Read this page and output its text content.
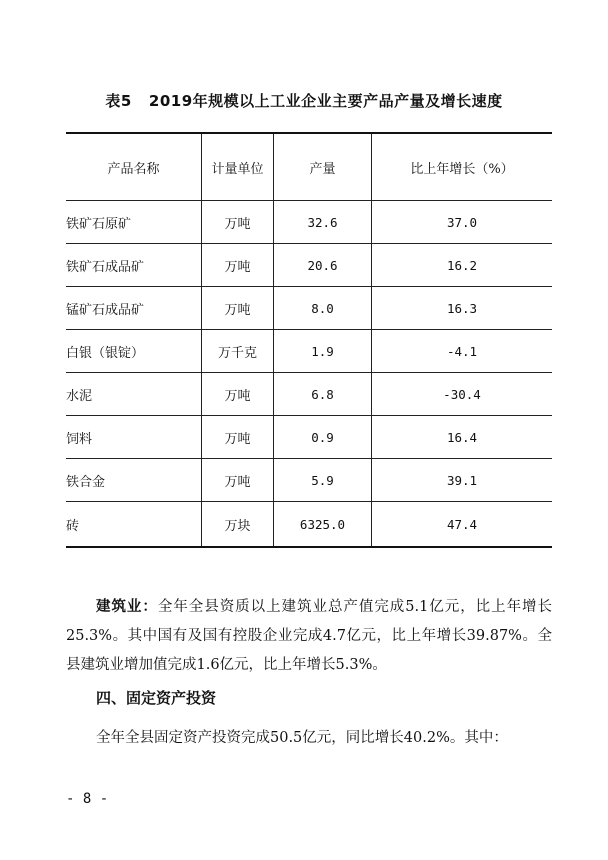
表5   2019年规模以上工业企业主要产品产量及增长速度
产品名称	计量单位	产量	比上年增长（%）
铁矿石原矿	万吨	32.6	37.0
铁矿石成品矿	万吨	20.6	16.2
锰矿石成品矿	万吨	8.0	16.3
白银（银锭）	万千克	1.9	-4.1
水泥	万吨	6.8	-30.4
饲料	万吨	0.9	16.4
铁合金	万吨	5.9	39.1
砖	万块	6325.0	47.4

建筑业：全年全县资质以上建筑业总产值完成5.1亿元，比上年增长25.3%。其中国有及国有控股企业完成4.7亿元，比上年增长39.87%。全县建筑业增加值完成1.6亿元，比上年增长5.3%。

四、固定资产投资

全年全县固定资产投资完成50.5亿元，同比增长40.2%。其中：

- 8 -
